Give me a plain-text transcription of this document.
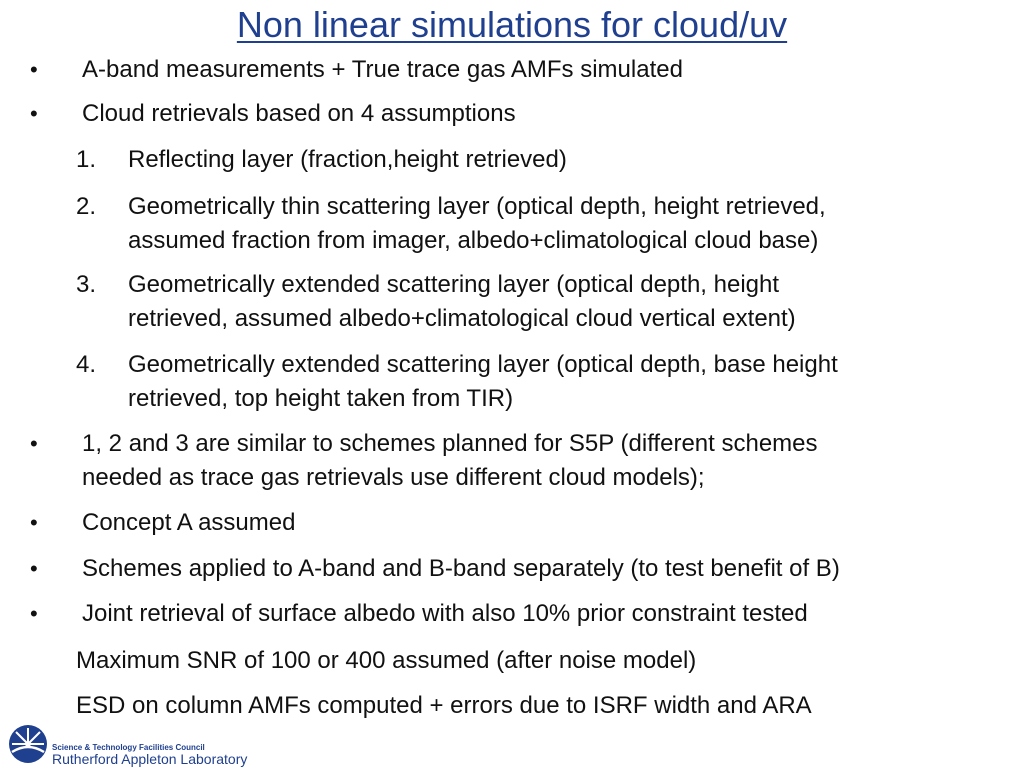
Non linear simulations for cloud/uv
• A-band measurements + True trace gas AMFs simulated
• Cloud retrievals based on 4 assumptions
1. Reflecting layer (fraction,height retrieved)
2. Geometrically thin scattering layer (optical depth, height retrieved,
assumed fraction from imager, albedo+climatological cloud base)
3. Geometrically extended scattering layer (optical depth, height
retrieved, assumed albedo+climatological cloud vertical extent)
4. Geometrically extended scattering layer (optical depth, base height
retrieved, top height taken from TIR)
• 1, 2 and 3 are similar to schemes planned for S5P (different schemes
needed as trace gas retrievals use different cloud models);
• Concept A assumed
• Schemes applied to A-band and B-band separately (to test benefit of B)
• Joint retrieval of surface albedo with also 10% prior constraint tested
Maximum SNR of 100 or 400 assumed (after noise model)
ESD on column AMFs computed + errors due to ISRF width and ARA
Science & Technology Facilities Council
Rutherford Appleton Laboratory
